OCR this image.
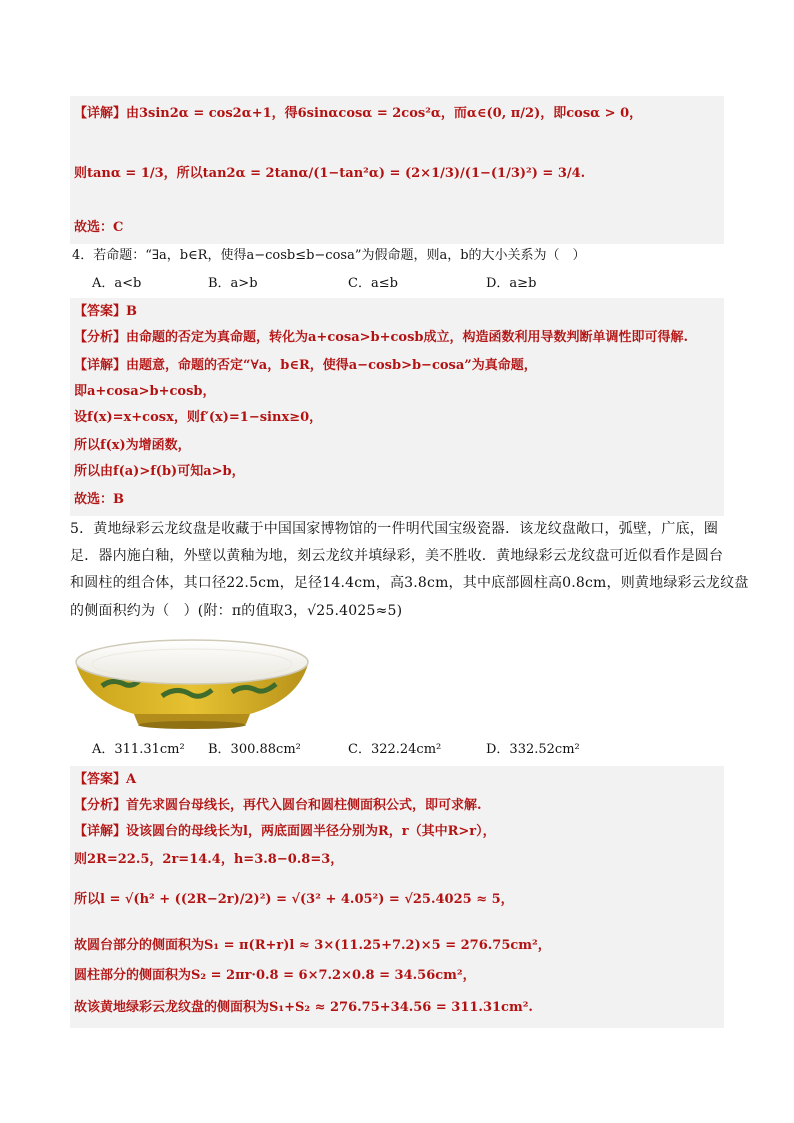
【详解】由3sin2α = cos2α+1，得6sinαcosα = 2cos²α，而α∈(0, π/2)，即cosα > 0，
则tanα = 1/3，所以tan2α = 2tanα/(1−tan²α) = (2×1/3)/(1−(1/3)²) = 3/4.
故选：C
4．若命题：“∃a，b∈R，使得a−cosb≤b−cosa”为假命题，则a，b的大小关系为（　）
A．a<b	B．a>b	C．a≤b	D．a≥b
【答案】B
【分析】由命题的否定为真命题，转化为a+cosa>b+cosb成立，构造函数利用导数判断单调性即可得解.
【详解】由题意，命题的否定“∀a，b∈R，使得a−cosb>b−cosa”为真命题，
即a+cosa>b+cosb，
设f(x)=x+cosx，则f′(x)=1−sinx≥0，
所以f(x)为增函数，
所以由f(a)>f(b)可知a>b，
故选：B
5．黄地绿彩云龙纹盘是收藏于中国国家博物馆的一件明代国宝级瓷器．该龙纹盘敞口，弧壁，广底，圈
足．器内施白釉，外壁以黄釉为地，刻云龙纹并填绿彩，美不胜收．黄地绿彩云龙纹盘可近似看作是圆台
和圆柱的组合体，其口径22.5cm，足径14.4cm，高3.8cm，其中底部圆柱高0.8cm，则黄地绿彩云龙纹盘
的侧面积约为（　）(附：π的值取3，√25.4025≈5)
A．311.31cm² B．300.88cm²	C．322.24cm²	D．332.52cm²
【答案】A
【分析】首先求圆台母线长，再代入圆台和圆柱侧面积公式，即可求解.
【详解】设该圆台的母线长为l，两底面圆半径分别为R，r（其中R>r），
则2R=22.5，2r=14.4，h=3.8−0.8=3，
所以l = √(h² + ((2R−2r)/2)²) = √(3² + 4.05²) = √25.4025 ≈ 5，
故圆台部分的侧面积为S₁ = π(R+r)l ≈ 3×(11.25+7.2)×5 = 276.75cm²，
圆柱部分的侧面积为S₂ = 2πr·0.8 = 6×7.2×0.8 = 34.56cm²，
故该黄地绿彩云龙纹盘的侧面积为S₁+S₂ ≈ 276.75+34.56 = 311.31cm².
